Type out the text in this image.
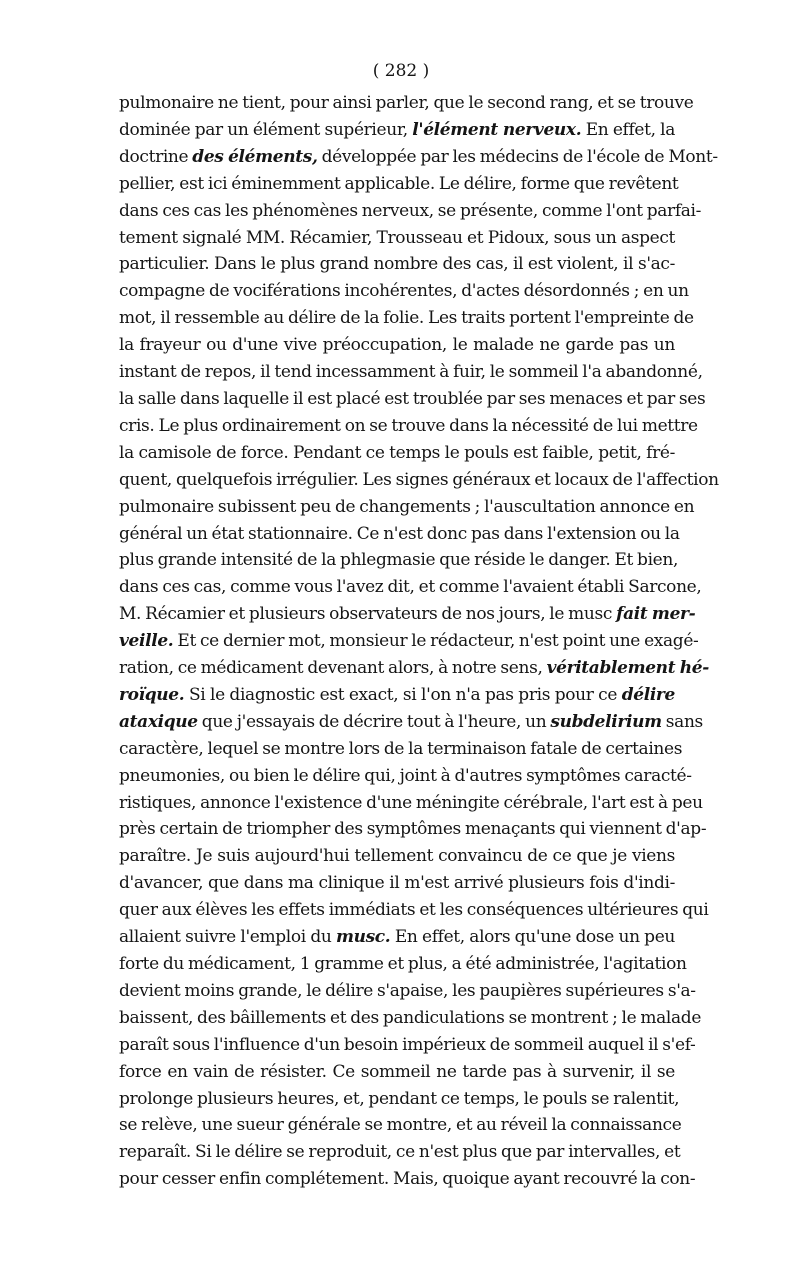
( 282 )
pulmonaire ne tient, pour ainsi parler, que le second rang, et se trouve
dominée par un élément supérieur, l'élément nerveux. En effet, la
doctrine des éléments, développée par les médecins de l'école de Mont-
pellier, est ici éminemment applicable. Le délire, forme que revêtent
dans ces cas les phénomènes nerveux, se présente, comme l'ont parfai-
tement signalé MM. Récamier, Trousseau et Pidoux, sous un aspect
particulier. Dans le plus grand nombre des cas, il est violent, il s'ac-
compagne de vociférations incohérentes, d'actes désordonnés ; en un
mot, il ressemble au délire de la folie. Les traits portent l'empreinte de
la frayeur ou d'une vive préoccupation, le malade ne garde pas un
instant de repos, il tend incessamment à fuir, le sommeil l'a abandonné,
la salle dans laquelle il est placé est troublée par ses menaces et par ses
cris. Le plus ordinairement on se trouve dans la nécessité de lui mettre
la camisole de force. Pendant ce temps le pouls est faible, petit, fré-
quent, quelquefois irrégulier. Les signes généraux et locaux de l'affection
pulmonaire subissent peu de changements ; l'auscultation annonce en
général un état stationnaire. Ce n'est donc pas dans l'extension ou la
plus grande intensité de la phlegmasie que réside le danger. Et bien,
dans ces cas, comme vous l'avez dit, et comme l'avaient établi Sarcone,
M. Récamier et plusieurs observateurs de nos jours, le musc fait mer-
veille. Et ce dernier mot, monsieur le rédacteur, n'est point une exagé-
ration, ce médicament devenant alors, à notre sens, véritablement hé-
roïque. Si le diagnostic est exact, si l'on n'a pas pris pour ce délire
ataxique que j'essayais de décrire tout à l'heure, un subdelirium sans
caractère, lequel se montre lors de la terminaison fatale de certaines
pneumonies, ou bien le délire qui, joint à d'autres symptômes caracté-
ristiques, annonce l'existence d'une méningite cérébrale, l'art est à peu
près certain de triompher des symptômes menaçants qui viennent d'ap-
paraître. Je suis aujourd'hui tellement convaincu de ce que je viens
d'avancer, que dans ma clinique il m'est arrivé plusieurs fois d'indi-
quer aux élèves les effets immédiats et les conséquences ultérieures qui
allaient suivre l'emploi du musc. En effet, alors qu'une dose un peu
forte du médicament, 1 gramme et plus, a été administrée, l'agitation
devient moins grande, le délire s'apaise, les paupières supérieures s'a-
baissent, des bâillements et des pandiculations se montrent ; le malade
paraît sous l'influence d'un besoin impérieux de sommeil auquel il s'ef-
force en vain de résister. Ce sommeil ne tarde pas à survenir, il se
prolonge plusieurs heures, et, pendant ce temps, le pouls se ralentit,
se relève, une sueur générale se montre, et au réveil la connaissance
reparaît. Si le délire se reproduit, ce n'est plus que par intervalles, et
pour cesser enfin complétement. Mais, quoique ayant recouvré la con-
